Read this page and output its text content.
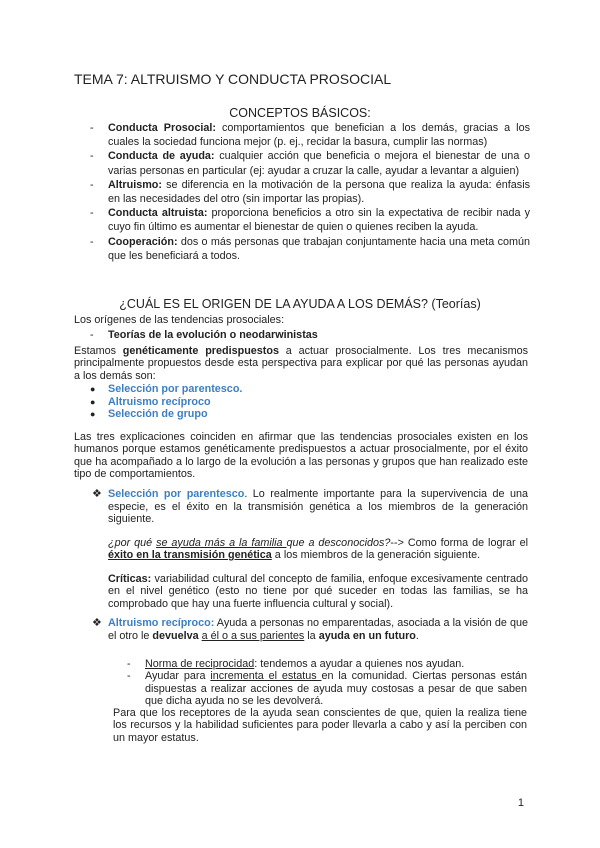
TEMA 7: ALTRUISMO Y CONDUCTA PROSOCIAL
CONCEPTOS BÁSICOS:
- Conducta Prosocial: comportamientos que benefician a los demás, gracias a los cuales la sociedad funciona mejor (p. ej., recidar la basura, cumplir las normas)
- Conducta de ayuda: cualquier acción que beneficia o mejora el bienestar de una o varias personas en particular (ej: ayudar a cruzar la calle, ayudar a levantar a alguien)
- Altruismo: se diferencia en la motivación de la persona que realiza la ayuda: énfasis en las necesidades del otro (sin importar las propias).
- Conducta altruista: proporciona beneficios a otro sin la expectativa de recibir nada y cuyo fin último es aumentar el bienestar de quien o quienes reciben la ayuda.
- Cooperación: dos o más personas que trabajan conjuntamente hacia una meta común que les beneficiará a todos.
¿CUÁL ES EL ORIGEN DE LA AYUDA A LOS DEMÁS? (Teorías)
Los orígenes de las tendencias prosociales:
- Teorías de la evolución o neodarwinistas
Estamos genéticamente predispuestos a actuar prosocialmente. Los tres mecanismos principalmente propuestos desde esta perspectiva para explicar por qué las personas ayudan a los demás son:
● Selección por parentesco.
● Altruismo recíproco
● Selección de grupo
Las tres explicaciones coinciden en afirmar que las tendencias prosociales existen en los humanos porque estamos genéticamente predispuestos a actuar prosocialmente, por el éxito que ha acompañado a lo largo de la evolución a las personas y grupos que han realizado este tipo de comportamientos.
❖ Selección por parentesco. Lo realmente importante para la supervivencia de una especie, es el éxito en la transmisión genética a los miembros de la generación siguiente.
¿por qué se ayuda más a la familia que a desconocidos?--> Como forma de lograr el éxito en la transmisión genética a los miembros de la generación siguiente.
Críticas: variabilidad cultural del concepto de familia, enfoque excesivamente centrado en el nivel genético (esto no tiene por qué suceder en todas las familias, se ha comprobado que hay una fuerte influencia cultural y social).
❖ Altruismo recíproco: Ayuda a personas no emparentadas, asociada a la visión de que el otro le devuelva a él o a sus parientes la ayuda en un futuro.
- Norma de reciprocidad: tendemos a ayudar a quienes nos ayudan.
- Ayudar para incrementa el estatus en la comunidad. Ciertas personas están dispuestas a realizar acciones de ayuda muy costosas a pesar de que saben que dicha ayuda no se les devolverá.
Para que los receptores de la ayuda sean conscientes de que, quien la realiza tiene los recursos y la habilidad suficientes para poder llevarla a cabo y así la perciben con un mayor estatus.
1
